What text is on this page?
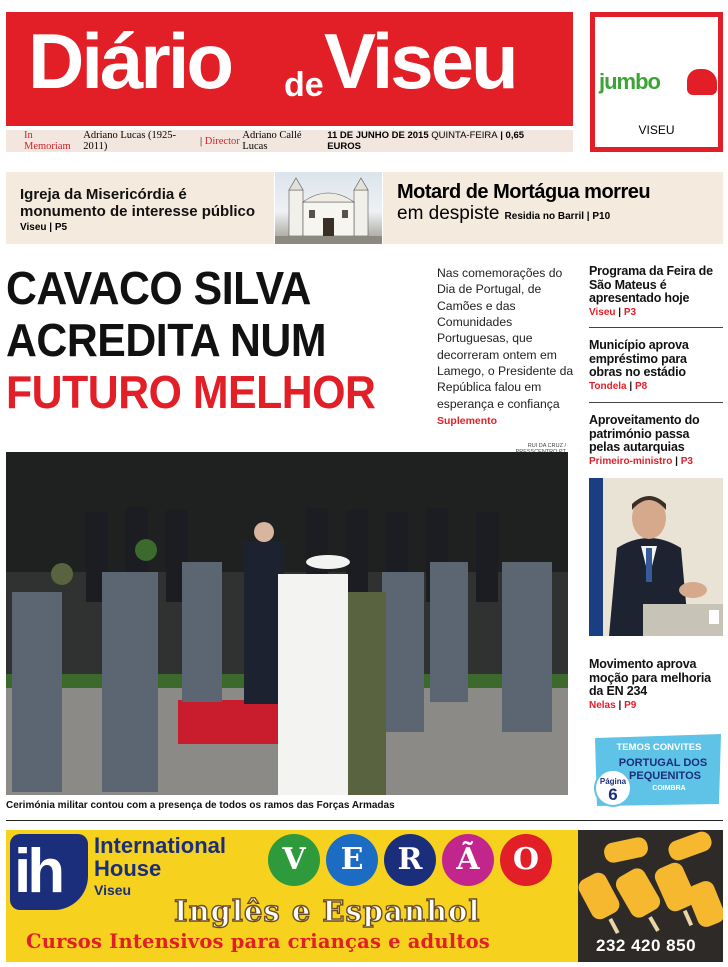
Diário de Viseu
In Memoriam

Adriano Lucas (1925-2011)
	|
Director
Adriano Callé Lucas
11 DE JUNHO DE 2015 QUINTA-FEIRA | 0,65 EUROS
jumbo
VISEU
Igreja da Misericórdia é monumento de interesse público
Viseu | P5
Motard de Mortágua morreu
em despiste Residia no Barril | P10
CAVACO SILVA
ACREDITA NUM
FUTURO MELHOR
Nas comemorações do Dia de Portugal, de Camões e das Comunidades Portuguesas, que decorreram ontem em Lamego, o Presidente da República falou em esperança e confiança
Suplemento
RUI DA CRUZ /
Cerimónia militar contou com a presença de todos os ramos das Forças Armadas
Programa da Feira de São Mateus é apresentado hoje
Viseu | P3
Município aprova empréstimo para obras no estádio
Tondela | P8
Aproveitamento do património passa pelas autarquias
Primeiro-ministro | P3
Movimento aprova moção para melhoria da EN 234
Nelas | P9
TEMOS CONVITES
PORTUGAL DOS
PEQUENITOS
COIMBRA
Página
6
ih	International
House
Viseu
V	E	R	Ã	O
Inglês e Espanhol
Cursos Intensivos para crianças e adultos	232 420 850
